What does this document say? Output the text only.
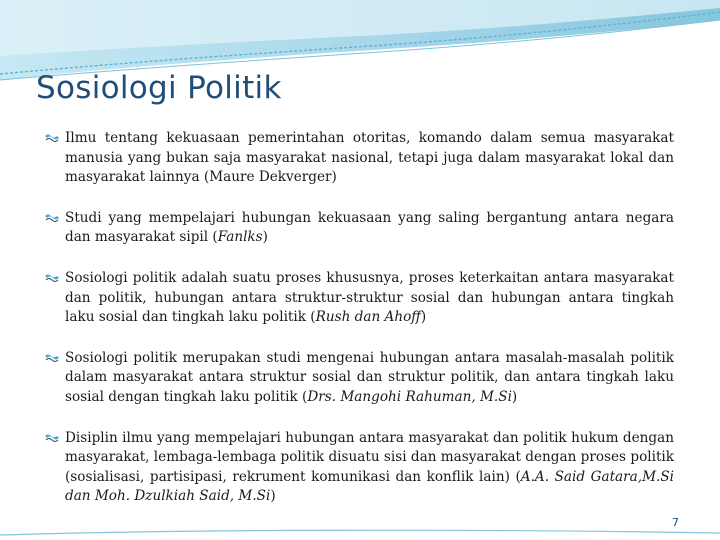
Sosiologi Politik

Ilmu tentang kekuasaan pemerintahan otoritas, komando dalam semua masyarakat manusia yang bukan saja masyarakat nasional, tetapi juga dalam masyarakat lokal dan masyarakat lainnya (Maure Dekverger)

Studi yang mempelajari hubungan kekuasaan yang saling bergantung antara negara dan masyarakat sipil (Fanlks)

Sosiologi politik adalah suatu proses khususnya, proses keterkaitan antara masyarakat dan politik, hubungan antara struktur-struktur sosial dan hubungan antara tingkah laku sosial dan tingkah laku politik (Rush dan Ahoff)

Sosiologi politik merupakan studi mengenai hubungan antara masalah-masalah politik dalam masyarakat antara struktur sosial dan struktur politik, dan antara tingkah laku sosial dengan tingkah laku politik (Drs. Mangohi Rahuman, M.Si)

Disiplin ilmu yang mempelajari hubungan antara masyarakat dan politik hukum dengan masyarakat, lembaga-lembaga politik disuatu sisi dan masyarakat dengan proses politik (sosialisasi, partisipasi, rekrument komunikasi dan konflik lain) (A.A. Said Gatara,M.Si dan Moh. Dzulkiah Said, M.Si)

7
